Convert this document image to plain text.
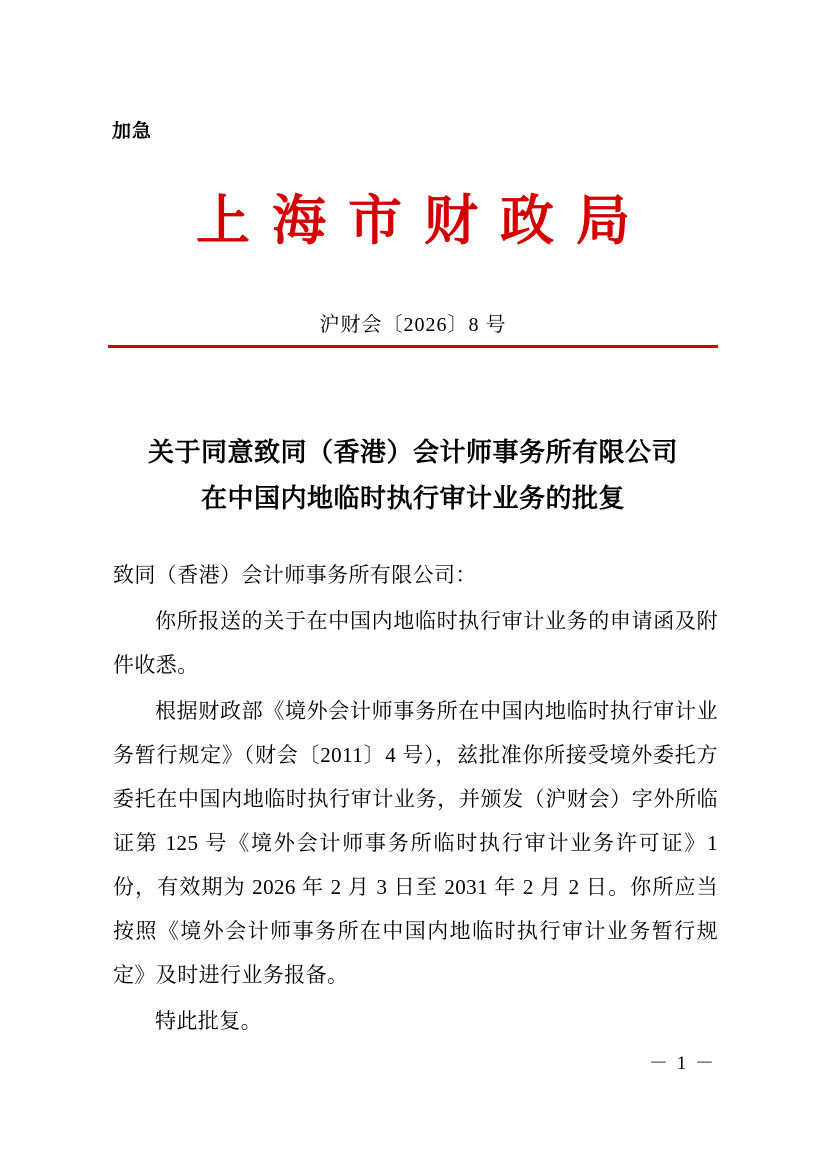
加急
上海市财政局
沪财会〔2026〕8 号
关于同意致同（香港）会计师事务所有限公司
在中国内地临时执行审计业务的批复

致同（香港）会计师事务所有限公司：

你所报送的关于在中国内地临时执行审计业务的申请函及附件收悉。

根据财政部《境外会计师事务所在中国内地临时执行审计业务暂行规定》（财会〔2011〕4 号），兹批准你所接受境外委托方委托在中国内地临时执行审计业务，并颁发（沪财会）字外所临证第 125 号《境外会计师事务所临时执行审计业务许可证》1 份，有效期为 2026 年 2 月 3 日至 2031 年 2 月 2 日。你所应当按照《境外会计师事务所在中国内地临时执行审计业务暂行规定》及时进行业务报备。

特此批复。

－ 1 －
